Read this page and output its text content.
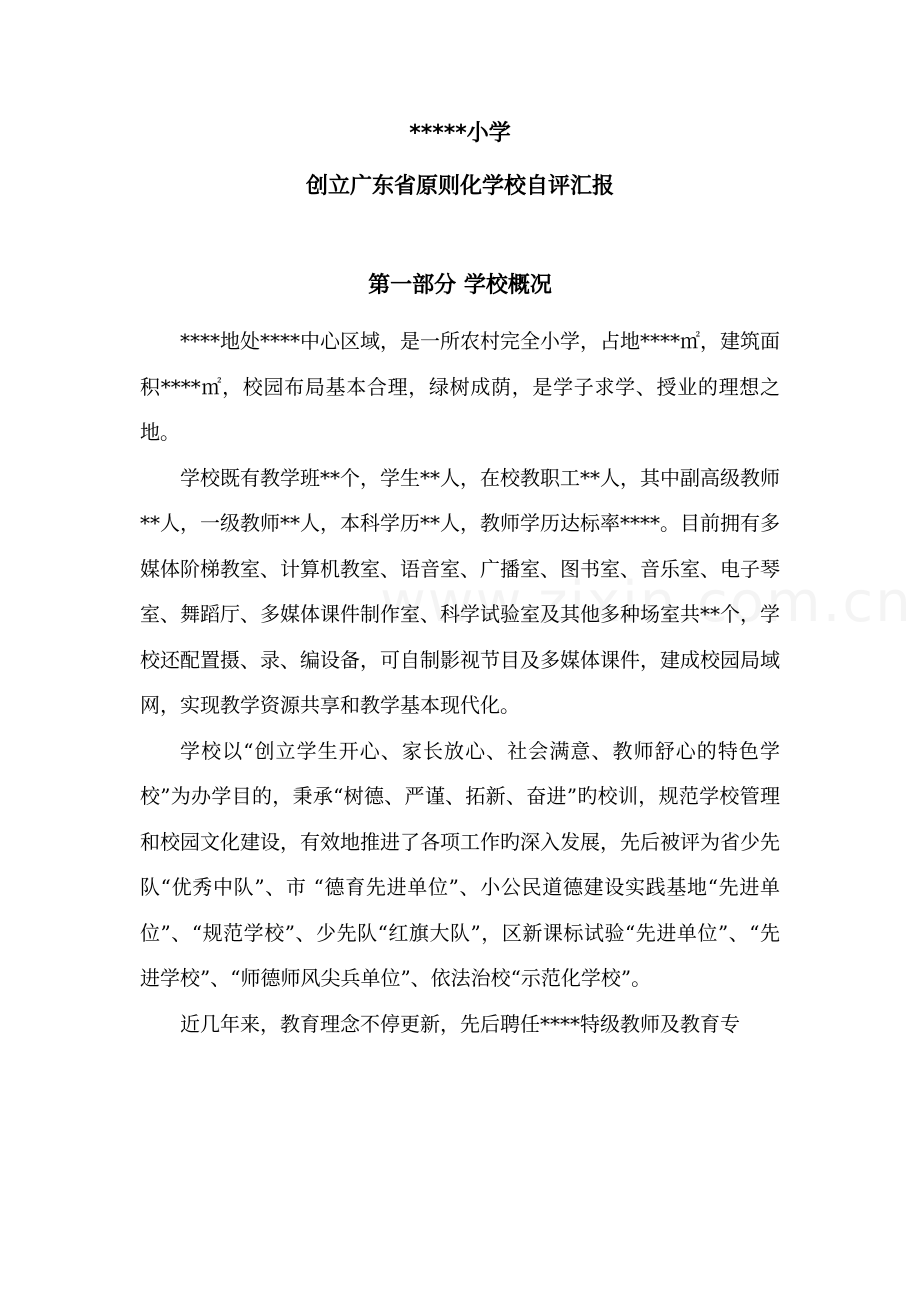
*****小学
创立广东省原则化学校自评汇报
第一部分 学校概况

****地处****中心区域，是一所农村完全小学，占地****㎡，建筑面积****㎡，校园布局基本合理，绿树成荫，是学子求学、授业的理想之地。

学校既有教学班**个，学生**人，在校教职工**人，其中副高级教师**人，一级教师**人，本科学历**人，教师学历达标率****。目前拥有多媒体阶梯教室、计算机教室、语音室、广播室、图书室、音乐室、电子琴室、舞蹈厅、多媒体课件制作室、科学试验室及其他多种场室共**个，学校还配置摄、录、编设备，可自制影视节目及多媒体课件，建成校园局域网，实现教学资源共享和教学基本现代化。

学校以“创立学生开心、家长放心、社会满意、教师舒心的特色学校”为办学目的，秉承“树德、严谨、拓新、奋进”旳校训，规范学校管理和校园文化建设，有效地推进了各项工作旳深入发展，先后被评为省少先队“优秀中队”、市 “德育先进单位”、小公民道德建设实践基地“先进单位”、“规范学校”、少先队“红旗大队”，区新课标试验“先进单位”、“先进学校”、“师德师风尖兵单位”、依法治校“示范化学校”。

近几年来，教育理念不停更新，先后聘任****特级教师及教育专
